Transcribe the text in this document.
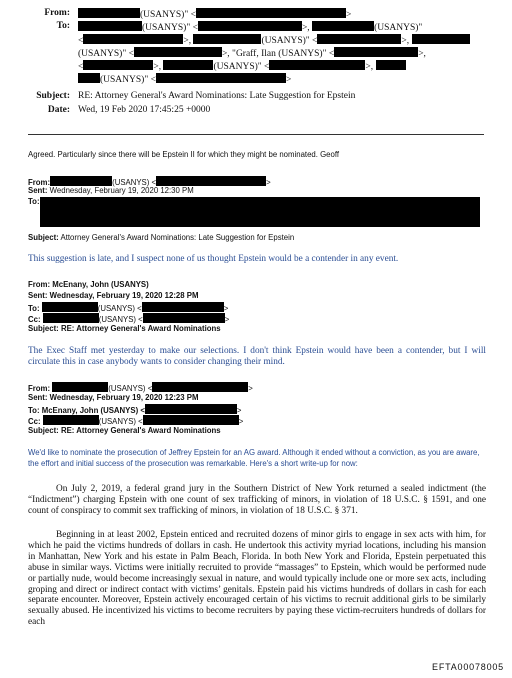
From:	(USANYS)" <	>
To:	(USANYS)" <	>,	(USANYS)"
<	>,	(USANYS)" <	>,
(USANYS)" <	>, "Graff, Ilan (USANYS)" <	>,
<	>,	(USANYS)" <	>,
(USANYS)" <	>
Subject: RE: Attorney General's Award Nominations: Late Suggestion for Epstein
Date: Wed, 19 Feb 2020 17:45:25 +0000
Agreed. Particularly since there will be Epstein II for which they might be nominated. Geoff
From:	(USANYS) <	>
Sent: Wednesday, February 19, 2020 12:30 PM
To:
Subject: Attorney General's Award Nominations: Late Suggestion for Epstein

This suggestion is late, and I suspect none of us thought Epstein would be a contender in any event.

From: McEnany, John (USANYS)
Sent: Wednesday, February 19, 2020 12:28 PM
To:	(USANYS) <	>
Cc:	(USANYS) <	>
Subject: RE: Attorney General's Award Nominations

The Exec Staff met yesterday to make our selections. I don't think Epstein would have been a contender, but I will circulate this in case anybody wants to consider changing their mind.

From:	(USANYS) <	>
Sent: Wednesday, February 19, 2020 12:23 PM
To: McEnany, John (USANYS) <	>
Cc:	(USANYS) <	>
Subject: RE: Attorney General's Award Nominations

We'd like to nominate the prosecution of Jeffrey Epstein for an AG award. Although it ended without a conviction, as you are aware, the effort and initial success of the prosecution was remarkable. Here's a short write-up for now:

On July 2, 2019, a federal grand jury in the Southern District of New York returned a sealed indictment (the “Indictment”) charging Epstein with one count of sex trafficking of minors, in violation of 18 U.S.C. § 1591, and one count of conspiracy to commit sex trafficking of minors, in violation of 18 U.S.C. § 371.

Beginning in at least 2002, Epstein enticed and recruited dozens of minor girls to engage in sex acts with him, for which he paid the victims hundreds of dollars in cash. He undertook this activity myriad locations, including his mansion in Manhattan, New York and his estate in Palm Beach, Florida. In both New York and Florida, Epstein perpetuated this abuse in similar ways. Victims were initially recruited to provide “massages” to Epstein, which would be performed nude or partially nude, would become increasingly sexual in nature, and would typically include one or more sex acts, including groping and direct or indirect contact with victims’ genitals. Epstein paid his victims hundreds of dollars in cash for each separate encounter. Moreover, Epstein actively encouraged certain of his victims to recruit additional girls to be similarly sexually abused. He incentivized his victims to become recruiters by paying these victim-recruiters hundreds of dollars for each

EFTA00078005
